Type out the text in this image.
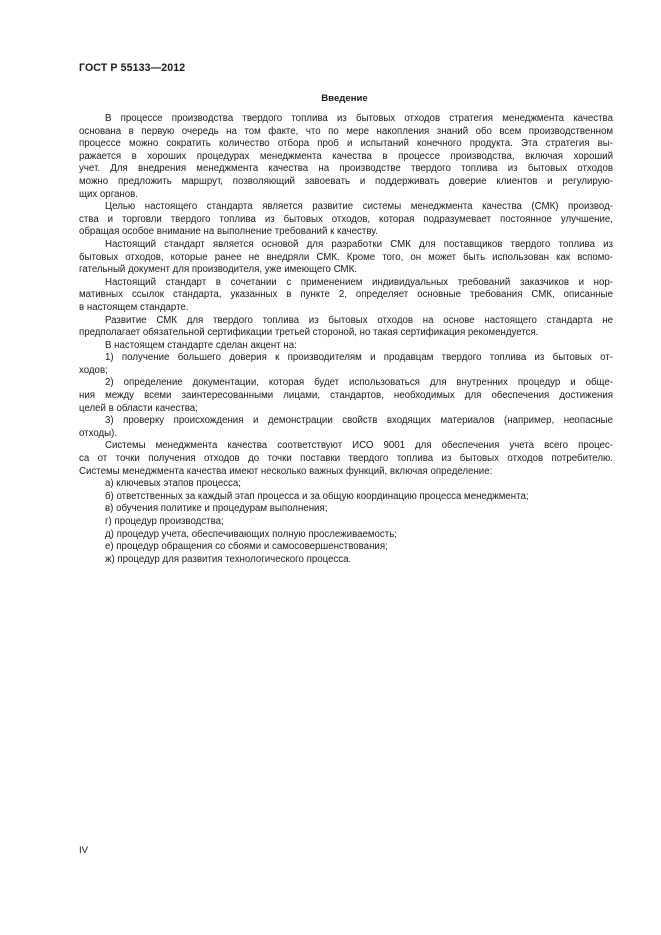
ГОСТ Р 55133—2012
Введение

В процессе производства твердого топлива из бытовых отходов стратегия менеджмента качества
основана в первую очередь на том факте, что по мере накопления знаний обо всем производственном
процессе можно сократить количество отбора проб и испытаний конечного продукта. Эта стратегия вы-
ражается в хороших процедурах менеджмента качества в процессе производства, включая хороший
учет. Для внедрения менеджмента качества на производстве твердого топлива из бытовых отходов
можно предложить маршрут, позволяющий завоевать и поддерживать доверие клиентов и регулирую-
щих органов.

Целью настоящего стандарта является развитие системы менеджмента качества (СМК) производ-
ства и торговли твердого топлива из бытовых отходов, которая подразумевает постоянное улучшение,
обращая особое внимание на выполнение требований к качеству.

Настоящий стандарт является основой для разработки СМК для поставщиков твердого топлива из
бытовых отходов, которые ранее не внедряли СМК. Кроме того, он может быть использован как вспомо-
гательный документ для производителя, уже имеющего СМК.

Настоящий стандарт в сочетании с применением индивидуальных требований заказчиков и нор-
мативных ссылок стандарта, указанных в пункте 2, определяет основные требования СМК, описанные
в настоящем стандарте.

Развитие СМК для твердого топлива из бытовых отходов на основе настоящего стандарта не
предполагает обязательной сертификации третьей стороной, но такая сертификация рекомендуется.

В настоящем стандарте сделан акцент на:

1) получение большего доверия к производителям и продавцам твердого топлива из бытовых от-
ходов;

2) определение документации, которая будет использоваться для внутренних процедур и обще-
ния между всеми заинтересованными лицами, стандартов, необходимых для обеспечения достижения
целей в области качества;

3) проверку происхождения и демонстрации свойств входящих материалов (например, неопасные
отходы).

Системы менеджмента качества соответствуют ИСО 9001 для обеспечения учета всего процес-
са от точки получения отходов до точки поставки твердого топлива из бытовых отходов потребителю.
Системы менеджмента качества имеют несколько важных функций, включая определение:

а) ключевых этапов процесса;
б) ответственных за каждый этап процесса и за общую координацию процесса менеджмента;
в) обучения политике и процедурам выполнения;
г) процедур производства;
д) процедур учета, обеспечивающих полную прослеживаемость;
е) процедур обращения со сбоями и самосовершенствования;
ж) процедур для развития технологического процесса.
IV
